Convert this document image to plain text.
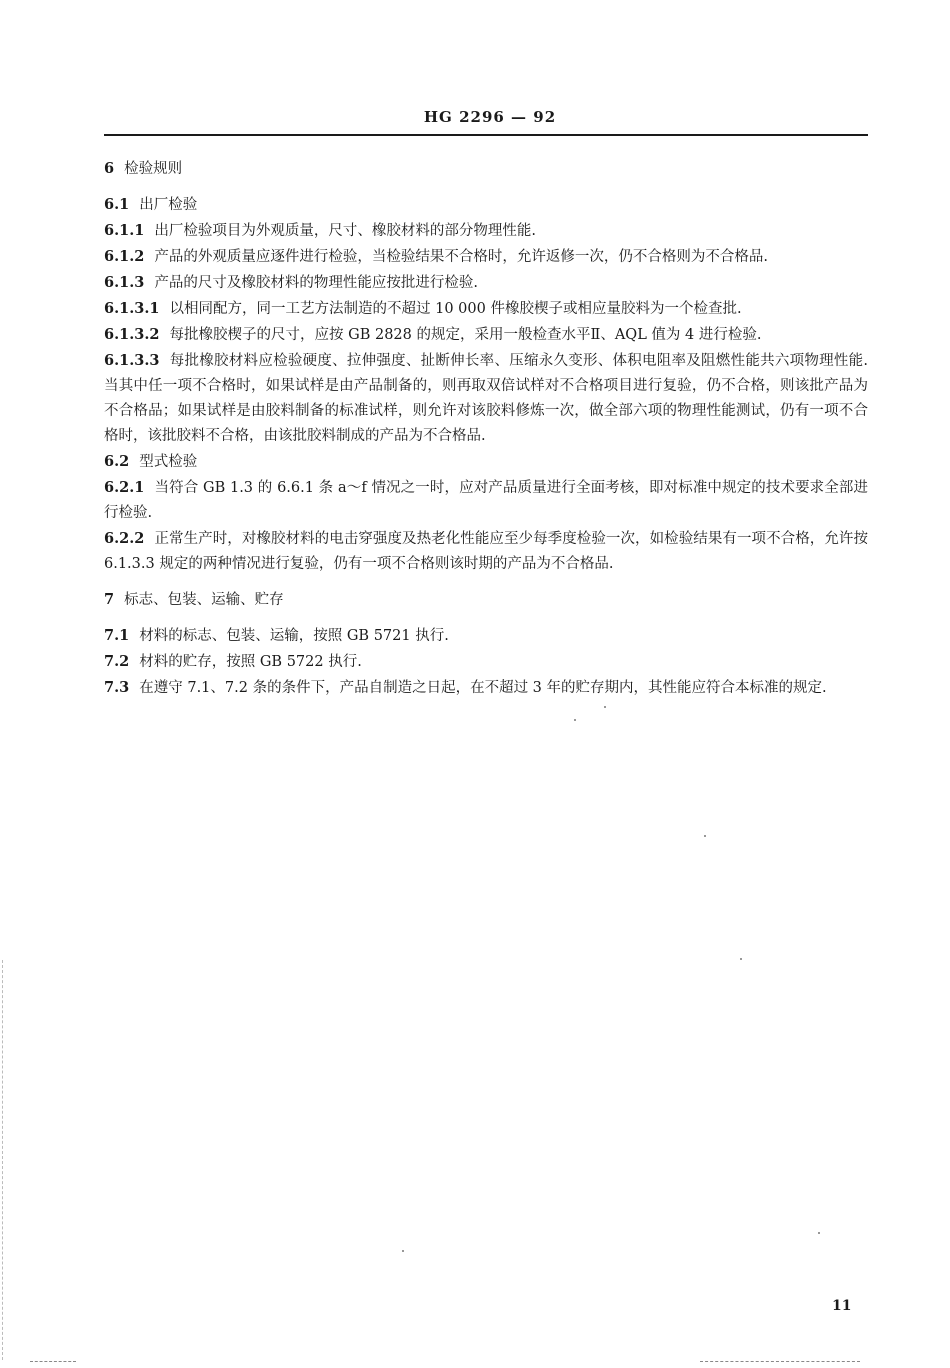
HG 2296 — 92

6 检验规则

6.1 出厂检验

6.1.1 出厂检验项目为外观质量，尺寸、橡胶材料的部分物理性能.

6.1.2 产品的外观质量应逐件进行检验，当检验结果不合格时，允许返修一次，仍不合格则为不合格品.

6.1.3 产品的尺寸及橡胶材料的物理性能应按批进行检验.

6.1.3.1 以相同配方，同一工艺方法制造的不超过 10 000 件橡胶楔子或相应量胶料为一个检查批.

6.1.3.2 每批橡胶楔子的尺寸，应按 GB 2828 的规定，采用一般检查水平Ⅱ、AQL 值为 4 进行检验.

6.1.3.3 每批橡胶材料应检验硬度、拉伸强度、扯断伸长率、压缩永久变形、体积电阻率及阻燃性能共六项物理性能. 当其中任一项不合格时，如果试样是由产品制备的，则再取双倍试样对不合格项目进行复验，仍不合格，则该批产品为不合格品；如果试样是由胶料制备的标准试样，则允许对该胶料修炼一次，做全部六项的物理性能测试，仍有一项不合格时，该批胶料不合格，由该批胶料制成的产品为不合格品.

6.2 型式检验

6.2.1 当符合 GB 1.3 的 6.6.1 条 a～f 情况之一时，应对产品质量进行全面考核，即对标准中规定的技术要求全部进行检验.

6.2.2 正常生产时，对橡胶材料的电击穿强度及热老化性能应至少每季度检验一次，如检验结果有一项不合格，允许按 6.1.3.3 规定的两种情况进行复验，仍有一项不合格则该时期的产品为不合格品.

7 标志、包装、运输、贮存

7.1 材料的标志、包装、运输，按照 GB 5721 执行.

7.2 材料的贮存，按照 GB 5722 执行.

7.3 在遵守 7.1、7.2 条的条件下，产品自制造之日起，在不超过 3 年的贮存期内，其性能应符合本标准的规定.

11
